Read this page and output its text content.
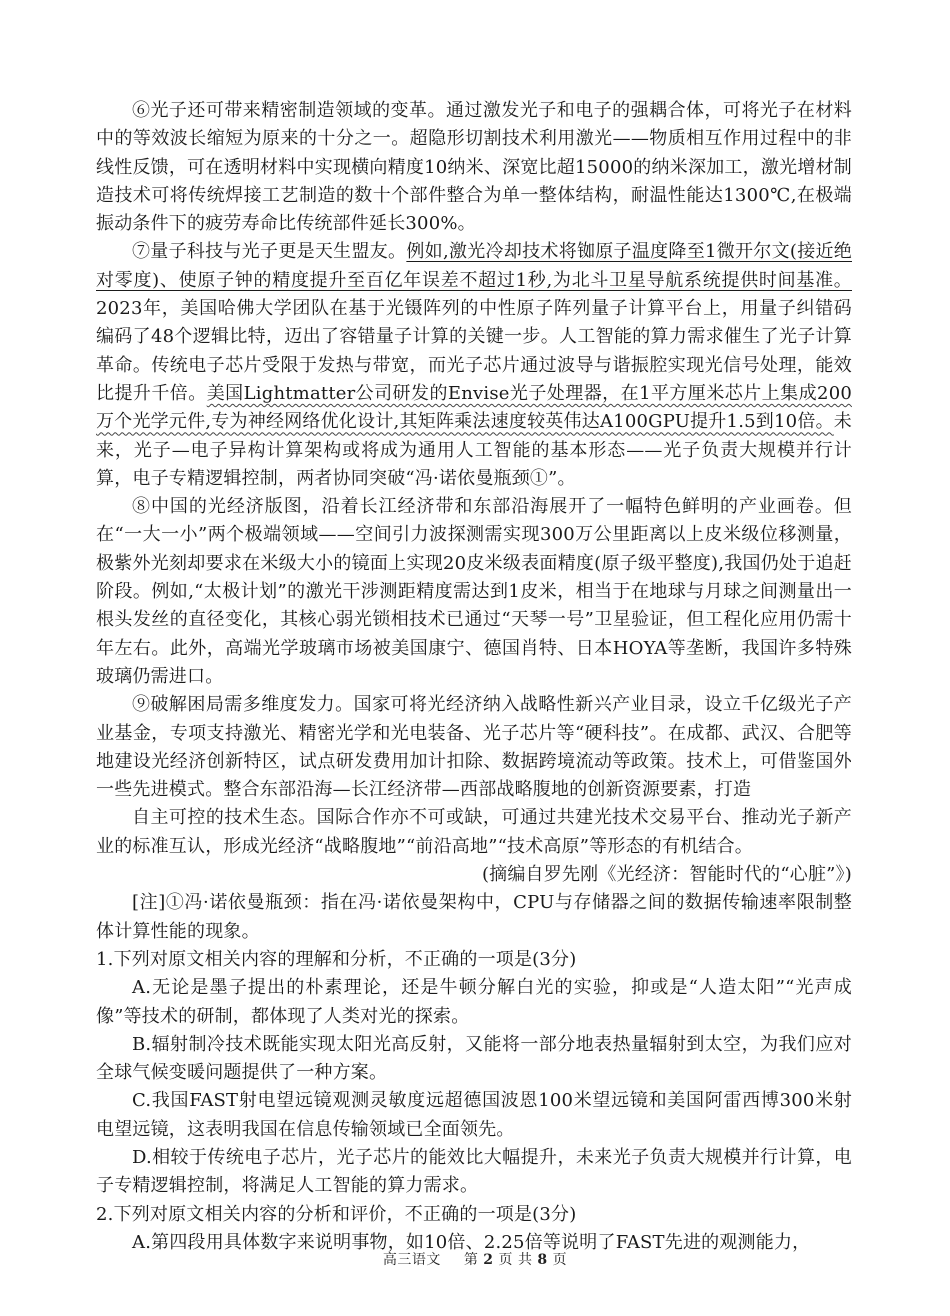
⑥光子还可带来精密制造领域的变革。通过激发光子和电子的强耦合体，可将光子在材料中的等效波长缩短为原来的十分之一。超隐形切割技术利用激光——物质相互作用过程中的非线性反馈，可在透明材料中实现横向精度10纳米、深宽比超15000的纳米深加工，激光增材制造技术可将传统焊接工艺制造的数十个部件整合为单一整体结构，耐温性能达1300℃,在极端振动条件下的疲劳寿命比传统部件延长300%。

⑦量子科技与光子更是天生盟友。例如,激光冷却技术将铷原子温度降至1微开尔文(接近绝对零度)、使原子钟的精度提升至百亿年误差不超过1秒,为北斗卫星导航系统提供时间基准。2023年，美国哈佛大学团队在基于光镊阵列的中性原子阵列量子计算平台上，用量子纠错码编码了48个逻辑比特，迈出了容错量子计算的关键一步。人工智能的算力需求催生了光子计算革命。传统电子芯片受限于发热与带宽，而光子芯片通过波导与谐振腔实现光信号处理，能效比提升千倍。美国Lightmatter公司研发的Envise光子处理器，在1平方厘米芯片上集成200万个光学元件,专为神经网络优化设计,其矩阵乘法速度较英伟达A100GPU提升1.5到10倍。未来，光子—电子异构计算架构或将成为通用人工智能的基本形态——光子负责大规模并行计算，电子专精逻辑控制，两者协同突破“冯·诺依曼瓶颈①”。

⑧中国的光经济版图，沿着长江经济带和东部沿海展开了一幅特色鲜明的产业画卷。但在“一大一小”两个极端领域——空间引力波探测需实现300万公里距离以上皮米级位移测量，极紫外光刻却要求在米级大小的镜面上实现20皮米级表面精度(原子级平整度),我国仍处于追赶阶段。例如,“太极计划”的激光干涉测距精度需达到1皮米，相当于在地球与月球之间测量出一根头发丝的直径变化，其核心弱光锁相技术已通过“天琴一号”卫星验证，但工程化应用仍需十年左右。此外，高端光学玻璃市场被美国康宁、德国肖特、日本HOYA等垄断，我国许多特殊玻璃仍需进口。

⑨破解困局需多维度发力。国家可将光经济纳入战略性新兴产业目录，设立千亿级光子产业基金，专项支持激光、精密光学和光电装备、光子芯片等“硬科技”。在成都、武汉、合肥等地建设光经济创新特区，试点研发费用加计扣除、数据跨境流动等政策。技术上，可借鉴国外一些先进模式。整合东部沿海—长江经济带—西部战略腹地的创新资源要素，打造

自主可控的技术生态。国际合作亦不可或缺，可通过共建光技术交易平台、推动光子新产业的标准互认，形成光经济“战略腹地”“前沿高地”“技术高原”等形态的有机结合。

(摘编自罗先刚《光经济：智能时代的“心脏”》)

[注]①冯·诺依曼瓶颈：指在冯·诺依曼架构中，CPU与存储器之间的数据传输速率限制整体计算性能的现象。

1.下列对原文相关内容的理解和分析，不正确的一项是(3分)

A.无论是墨子提出的朴素理论，还是牛顿分解白光的实验，抑或是“人造太阳”“光声成像”等技术的研制，都体现了人类对光的探索。

B.辐射制冷技术既能实现太阳光高反射，又能将一部分地表热量辐射到太空，为我们应对全球气候变暖问题提供了一种方案。

C.我国FAST射电望远镜观测灵敏度远超德国波恩100米望远镜和美国阿雷西博300米射电望远镜，这表明我国在信息传输领域已全面领先。

D.相较于传统电子芯片，光子芯片的能效比大幅提升，未来光子负责大规模并行计算，电子专精逻辑控制，将满足人工智能的算力需求。

2.下列对原文相关内容的分析和评价，不正确的一项是(3分)

A.第四段用具体数字来说明事物，如10倍、2.25倍等说明了FAST先进的观测能力，

高三语文 第 2 页 共 8 页
